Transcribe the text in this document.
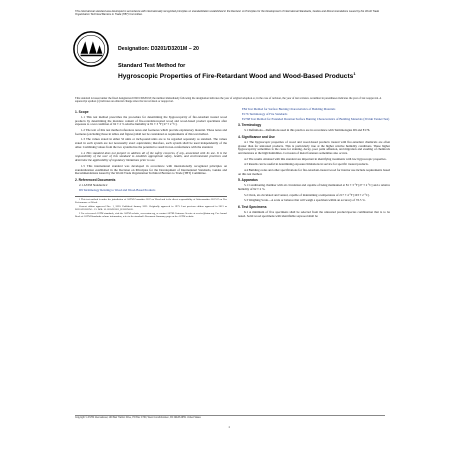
This international standard was developed in accordance with internationally recognized principles on standardization established in the Decision on Principles for the Development of International Standards, Guides and Recommendations issued by the World Trade Organization Technical Barriers to Trade (TBT) Committee.
Designation: D3201/D3201M − 20
Standard Test Method for
Hygroscopic Properties of Fire-Retardant Wood and Wood-Based Products$^1$
This standard is issued under the fixed designation D3201/D3201M; the number immediately following the designation indicates the year of original adoption or, in the case of revision, the year of last revision. A number in parentheses indicates the year of last reapproval. A superscript epsilon (ε) indicates an editorial change since the last revision or reapproval.
1. Scope

1.1 This test method prescribes the procedure for determining the hygroscopicity of fire-retardant treated wood products by determining the moisture content of fire-retardant-treated wood and wood-based product specimens after exposure to a test condition of 92 ± 2 % relative humidity at 81 ± 3 °F [27 ± 2 °C].

1.2 The text of this test method references notes and footnotes which provide explanatory material. These notes and footnotes (excluding those in tables and figures) shall not be considered as requirements of this test method.

1.3 The values stated in either SI units or inch-pound units are to be regarded separately as standard. The values stated in each system are not necessarily exact equivalents; therefore, each system shall be used independently of the other. Combining values from the two systems has the potential to result in non-conformance with the standard.

1.4 This standard does not purport to address all of the safety concerns, if any, associated with its use. It is the responsibility of the user of this standard to establish appropriate safety, health, and environmental practices and determine the applicability of regulatory limitations prior to use.

1.5 This international standard was developed in accordance with internationally recognized principles on standardization established in the Decision on Principles for the Development of International Standards, Guides and Recommendations issued by the World Trade Organization Technical Barriers to Trade (TBT) Committee.

2. Referenced Documents

2.1 ASTM Standards:2

D9 Terminology Relating to Wood and Wood-Based Products

1 This test method is under the jurisdiction of ASTM Committee D07 on Wood and is the direct responsibility of Subcommittee D07.07 on Fire Performance of Wood.

Current edition approved Dec. 1, 2020. Published January 2021. Originally approved in 1973. Last previous edition approved in 2013 as D3201/D3201M – 13. DOI: 10.1520/D3201_D3201M-20.

2 For referenced ASTM standards, visit the ASTM website, www.astm.org, or contact ASTM Customer Service at service@astm.org. For Annual Book of ASTM Standards volume information, refer to the standard's Document Summary page on the ASTM website.

E84 Test Method for Surface Burning Characteristics of Building Materials

E176 Terminology of Fire Standards

E2768 Test Method for Extended Duration Surface Burning Characteristics of Building Materials (30 min Tunnel Test)

3. Terminology

3.1 Definitions—Definitions used in this practice are in accordance with Terminologies D9 and E176.

4. Significance and Use

4.1 The hygroscopic properties of wood and wood-based products treated with fire-retardant chemicals are often greater than for untreated products. This is particularly true at the higher relative humidity conditions. These higher hygroscopicity sometimes is the cause for staining, decay, poor paint adhesion, and migration and exuding of chemicals and moisture at the high humidities. Corrosion of metal fasteners sometimes also occurs.

4.2 The results obtained with this standard are important in identifying treatments with low hygroscopic properties.

4.3 Results can be useful in determining exposure limitations in service for specific treated products.

4.4 Building codes and other specifications for fire-retardant-treated wood for interior use include requirements based on this test method.

5. Apparatus

5.1 Conditioning chamber with air circulation and capable of being maintained at 81 ± 3 °F [27 ± 2 °C] and a relative humidity of 92 ± 2 %.

5.2 Oven, air-circulated and vented, capable of maintaining a temperature of 217 ± 4 °F [103 ± 2 °C].

5.3 Weighing Scale—A scale or balance that will weigh a specimen within an accuracy of ±0.5 %.

6. Test Specimens

6.1 A minimum of five specimens shall be selected from the untreated product/species combination that is to be tested. Solid wood specimens with identifiable sapwood shall be

Copyright © ASTM International, 100 Barr Harbor Drive, PO Box C700, West Conshohocken, PA 19428-2959. United States
1
